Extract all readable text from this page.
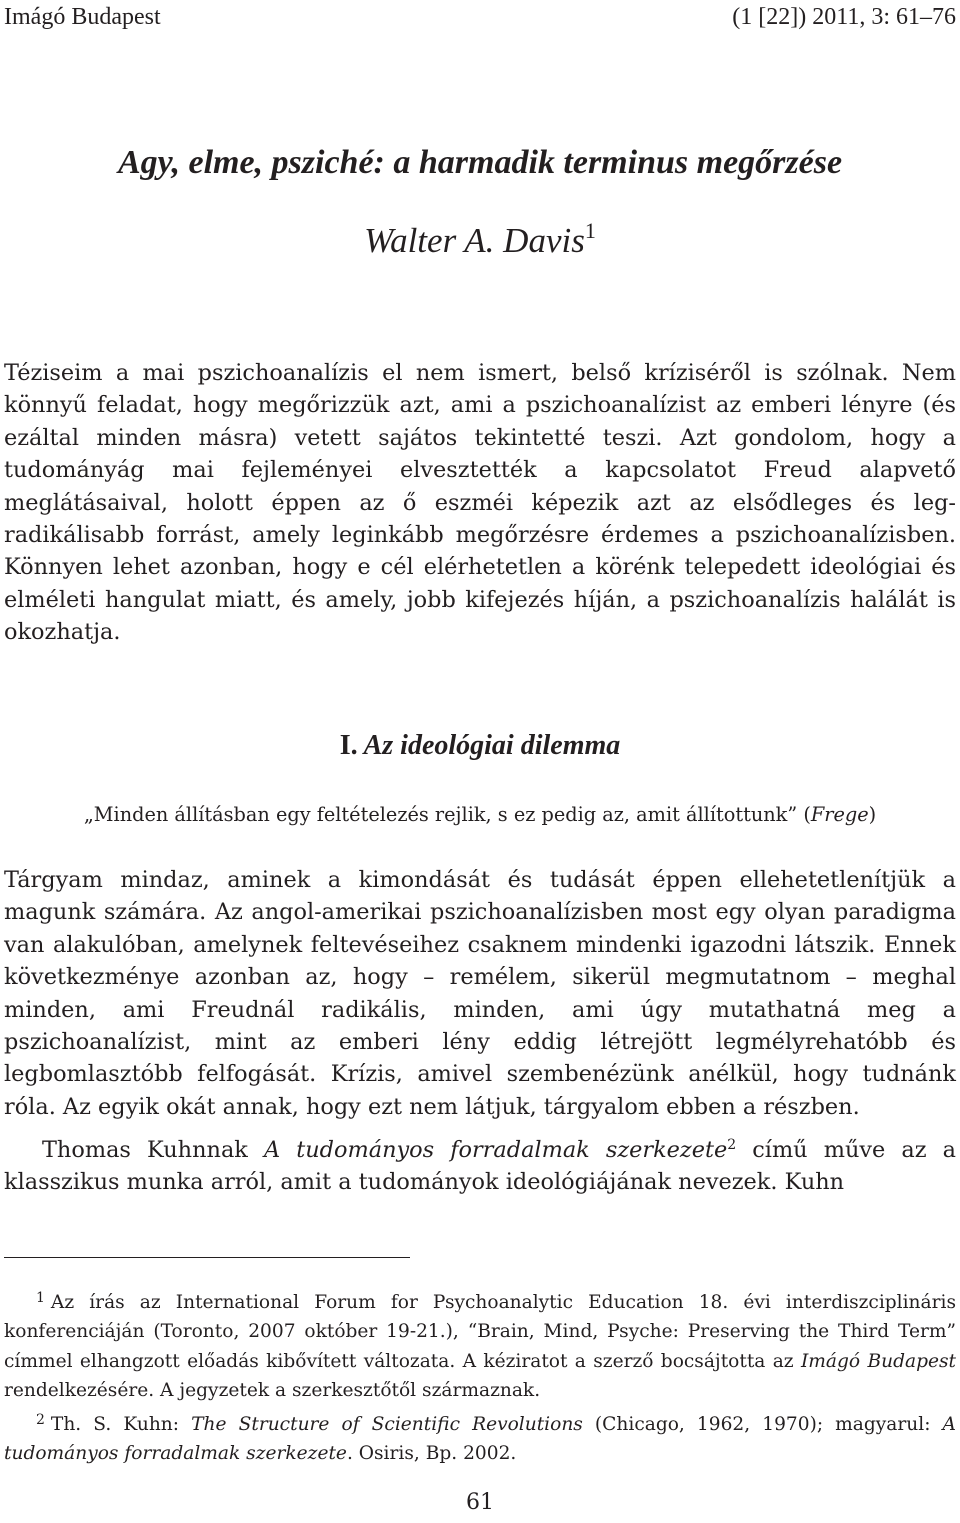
Imágó Budapest	(1 [22]) 2011, 3: 61–76
Agy, elme, psziché: a harmadik terminus megőrzése
Walter A. Davis$^1$

Téziseim a mai pszichoanalízis el nem ismert, belső kríziséről is szólnak. Nem könnyű feladat, hogy megőrizzük azt, ami a pszichoanalízist az emberi lényre (és ezáltal minden másra) vetett sajátos tekintetté teszi. Azt gondolom, hogy a tudományág mai fejleményei elvesztették a kapcsolatot Freud alapvető meglátásaival, holott éppen az ő eszméi képezik azt az elsődleges és legradikálisabb forrást, amely leginkább megőrzésre érdemes a pszichoanalízisben. Könnyen lehet azonban, hogy e cél elérhetetlen a körénk telepedett ideológiai és elméleti hangulat miatt, és amely, jobb kifejezés híján, a pszichoanalízis halálát is okozhatja.

I. Az ideológiai dilemma

„Minden állításban egy feltételezés rejlik, s ez pedig az, amit állítottunk” (Frege)

Tárgyam mindaz, aminek a kimondását és tudását éppen ellehetetlenítjük a magunk számára. Az angol-amerikai pszichoanalízisben most egy olyan paradigma van alakulóban, amelynek feltevéseihez csaknem mindenki igazodni látszik. Ennek következménye azonban az, hogy – remélem, sikerül megmutatnom – meghal minden, ami Freudnál radikális, minden, ami úgy mutathatná meg a pszichoanalízist, mint az emberi lény eddig létrejött legmélyrehatóbb és legbomlasztóbb felfogását. Krízis, amivel szembenézünk anélkül, hogy tudnánk róla. Az egyik okát annak, hogy ezt nem látjuk, tárgyalom ebben a részben.

Thomas Kuhnnak A tudományos forradalmak szerkezete$^2$ című műve az a klasszikus munka arról, amit a tudományok ideológiájának nevezek. Kuhn

$^1$ Az írás az International Forum for Psychoanalytic Education 18. évi interdiszciplináris konferenciáján (Toronto, 2007 október 19-21.), “Brain, Mind, Psyche: Preserving the Third Term” címmel elhangzott előadás kibővített változata. A kéziratot a szerző bocsájtotta az Imágó Budapest rendelkezésére. A jegyzetek a szerkesztőtől származnak.

$^2$ Th. S. Kuhn: The Structure of Scientific Revolutions (Chicago, 1962, 1970); magyarul: A tudományos forradalmak szerkezete. Osiris, Bp. 2002.

61
